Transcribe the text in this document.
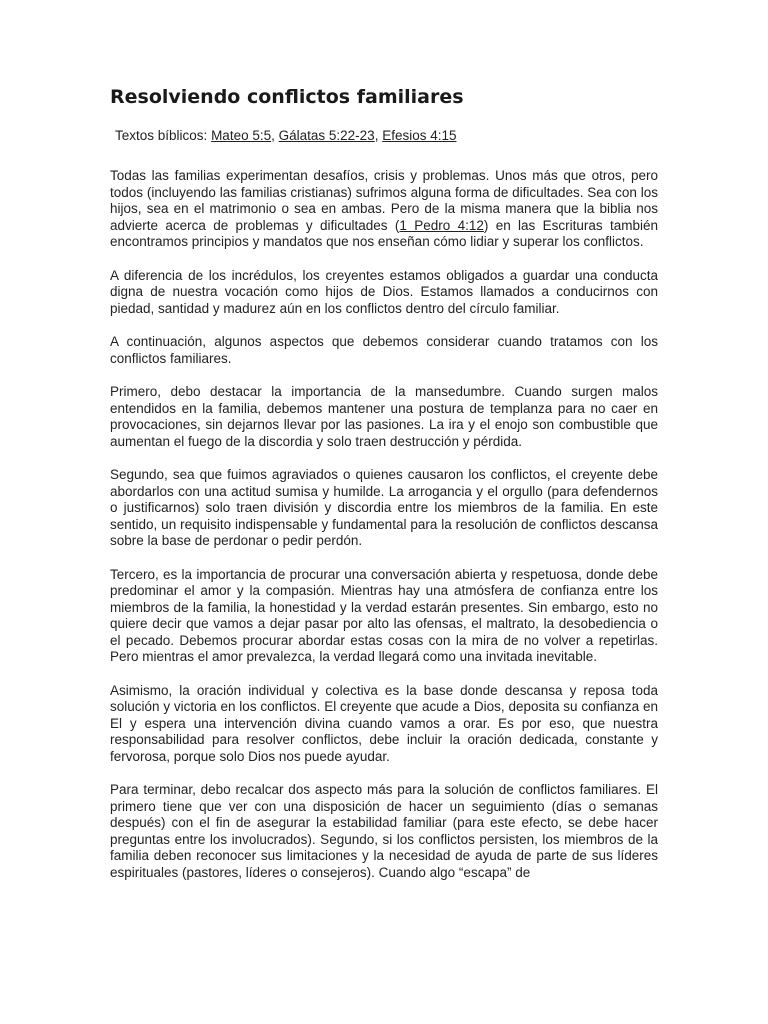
Resolviendo conflictos familiares
Textos bíblicos: Mateo 5:5, Gálatas 5:22-23, Efesios 4:15

Todas las familias experimentan desafíos, crisis y problemas. Unos más que otros, pero todos (incluyendo las familias cristianas) sufrimos alguna forma de dificultades. Sea con los hijos, sea en el matrimonio o sea en ambas. Pero de la misma manera que la biblia nos advierte acerca de problemas y dificultades (1 Pedro 4:12) en las Escrituras también encontramos principios y mandatos que nos enseñan cómo lidiar y superar los conflictos.

A diferencia de los incrédulos, los creyentes estamos obligados a guardar una conducta digna de nuestra vocación como hijos de Dios. Estamos llamados a conducirnos con piedad, santidad y madurez aún en los conflictos dentro del círculo familiar.

A continuación, algunos aspectos que debemos considerar cuando tratamos con los conflictos familiares.

Primero, debo destacar la importancia de la mansedumbre. Cuando surgen malos entendidos en la familia, debemos mantener una postura de templanza para no caer en provocaciones, sin dejarnos llevar por las pasiones. La ira y el enojo son combustible que aumentan el fuego de la discordia y solo traen destrucción y pérdida.

Segundo, sea que fuimos agraviados o quienes causaron los conflictos, el creyente debe abordarlos con una actitud sumisa y humilde. La arrogancia y el orgullo (para defendernos o justificarnos) solo traen división y discordia entre los miembros de la familia. En este sentido, un requisito indispensable y fundamental para la resolución de conflictos descansa sobre la base de perdonar o pedir perdón.

Tercero, es la importancia de procurar una conversación abierta y respetuosa, donde debe predominar el amor y la compasión. Mientras hay una atmósfera de confianza entre los miembros de la familia, la honestidad y la verdad estarán presentes. Sin embargo, esto no quiere decir que vamos a dejar pasar por alto las ofensas, el maltrato, la desobediencia o el pecado. Debemos procurar abordar estas cosas con la mira de no volver a repetirlas. Pero mientras el amor prevalezca, la verdad llegará como una invitada inevitable.

Asimismo, la oración individual y colectiva es la base donde descansa y reposa toda solución y victoria en los conflictos. El creyente que acude a Dios, deposita su confianza en El y espera una intervención divina cuando vamos a orar. Es por eso, que nuestra responsabilidad para resolver conflictos, debe incluir la oración dedicada, constante y fervorosa, porque solo Dios nos puede ayudar.

Para terminar, debo recalcar dos aspecto más para la solución de conflictos familiares. El primero tiene que ver con una disposición de hacer un seguimiento (días o semanas después) con el fin de asegurar la estabilidad familiar (para este efecto, se debe hacer preguntas entre los involucrados). Segundo, si los conflictos persisten, los miembros de la familia deben reconocer sus limitaciones y la necesidad de ayuda de parte de sus líderes espirituales (pastores, líderes o consejeros). Cuando algo “escapa” de
